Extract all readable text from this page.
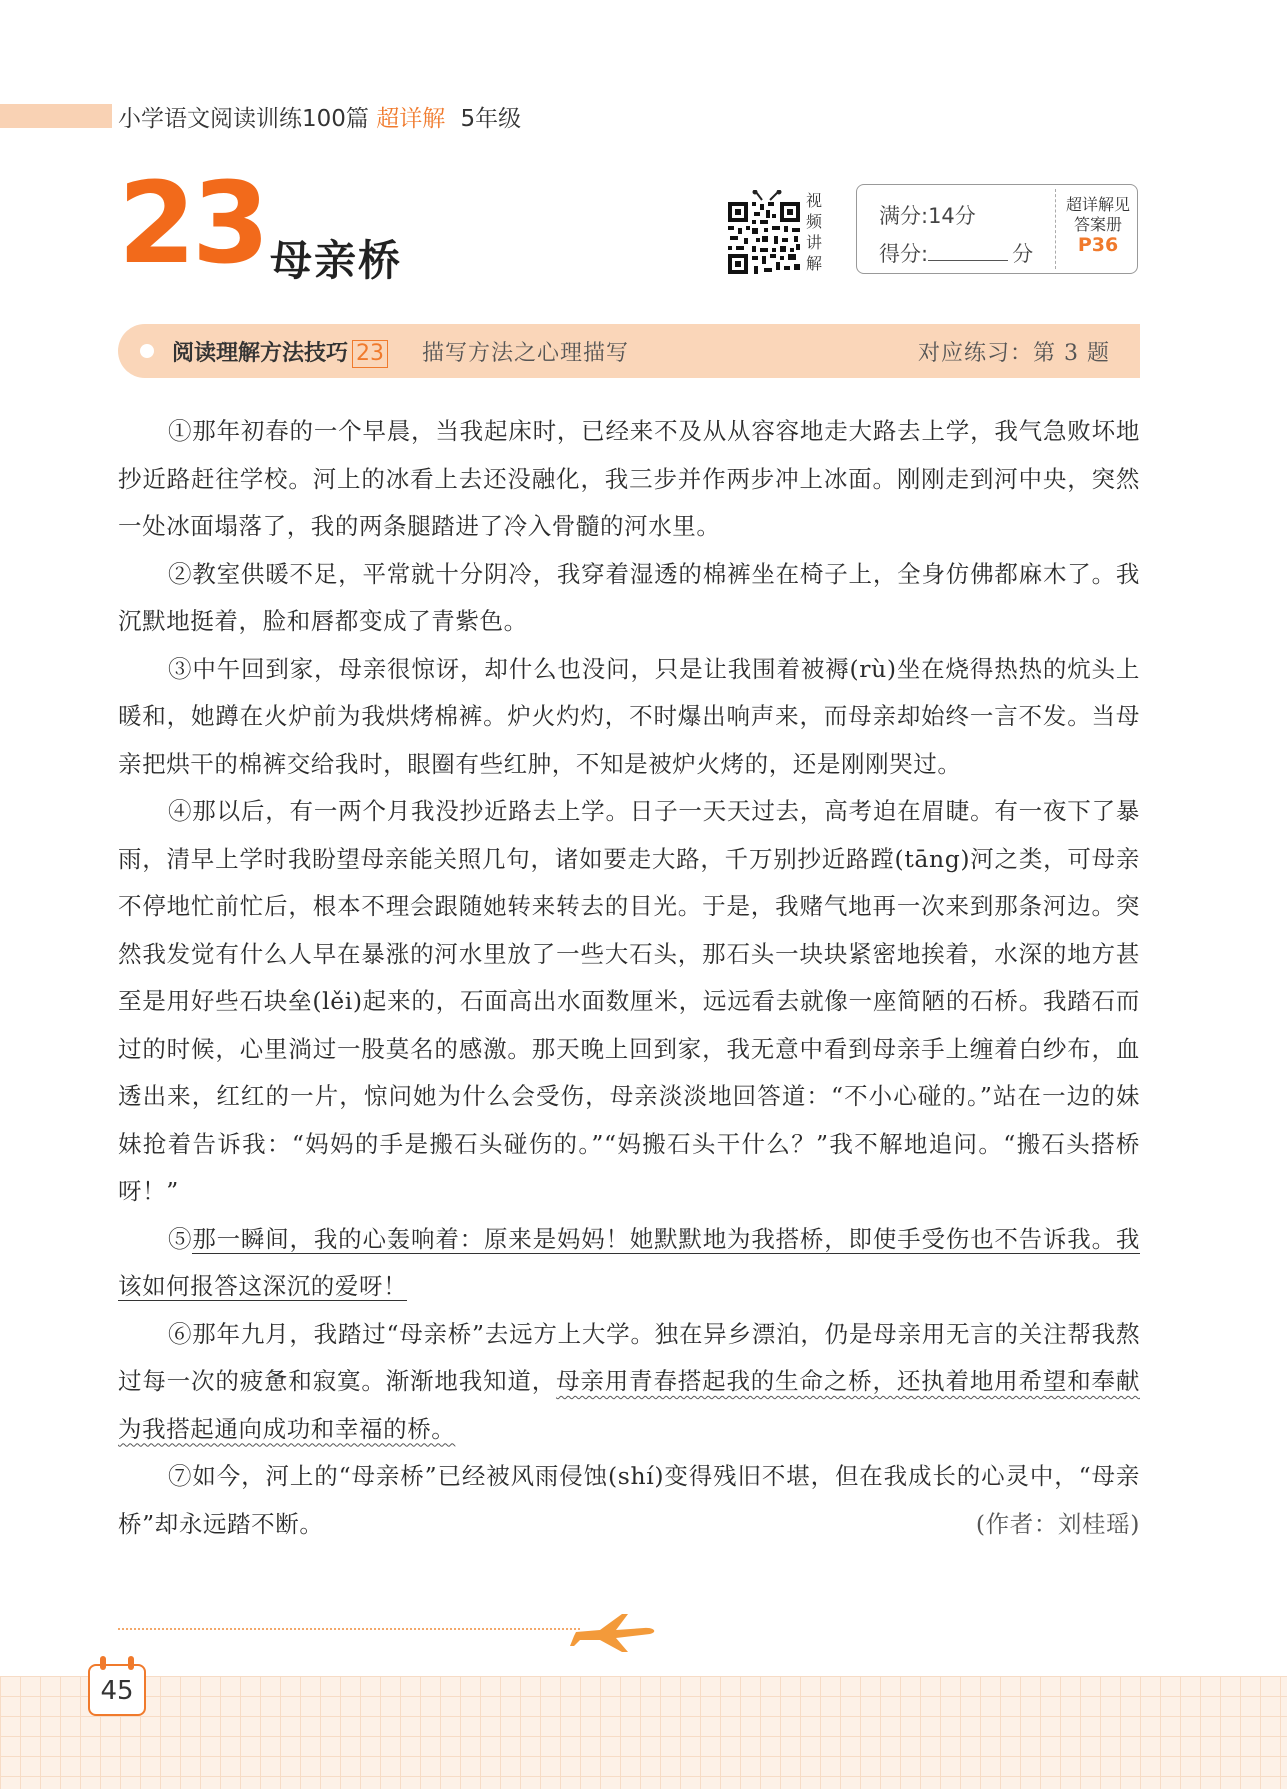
小学语文阅读训练100篇 超详解 5年级
23 母亲桥
视
频
讲
解
满分:14分
得分:	分
超详解见
答案册
P36
阅读理解方法技巧 23 描写方法之心理描写	对应练习：第 3 题

①那年初春的一个早晨，当我起床时，已经来不及从从容容地走大路去上学，我气急败坏地抄近路赶往学校。河上的冰看上去还没融化，我三步并作两步冲上冰面。刚刚走到河中央，突然一处冰面塌落了，我的两条腿踏进了冷入骨髓的河水里。

②教室供暖不足，平常就十分阴冷，我穿着湿透的棉裤坐在椅子上，全身仿佛都麻木了。我沉默地挺着，脸和唇都变成了青紫色。

③中午回到家，母亲很惊讶，却什么也没问，只是让我围着被褥(rù)坐在烧得热热的炕头上暖和，她蹲在火炉前为我烘烤棉裤。炉火灼灼，不时爆出响声来，而母亲却始终一言不发。当母亲把烘干的棉裤交给我时，眼圈有些红肿，不知是被炉火烤的，还是刚刚哭过。

④那以后，有一两个月我没抄近路去上学。日子一天天过去，高考迫在眉睫。有一夜下了暴雨，清早上学时我盼望母亲能关照几句，诸如要走大路，千万别抄近路蹚(tāng)河之类，可母亲不停地忙前忙后，根本不理会跟随她转来转去的目光。于是，我赌气地再一次来到那条河边。突然我发觉有什么人早在暴涨的河水里放了一些大石头，那石头一块块紧密地挨着，水深的地方甚至是用好些石块垒(lěi)起来的，石面高出水面数厘米，远远看去就像一座简陋的石桥。我踏石而过的时候，心里淌过一股莫名的感激。那天晚上回到家，我无意中看到母亲手上缠着白纱布，血透出来，红红的一片，惊问她为什么会受伤，母亲淡淡地回答道：“不小心碰的。”站在一边的妹妹抢着告诉我：“妈妈的手是搬石头碰伤的。”“妈搬石头干什么？”我不解地追问。“搬石头搭桥呀！”

⑤那一瞬间，我的心轰响着：原来是妈妈！她默默地为我搭桥，即使手受伤也不告诉我。我该如何报答这深沉的爱呀！

⑥那年九月，我踏过“母亲桥”去远方上大学。独在异乡漂泊，仍是母亲用无言的关注帮我熬过每一次的疲惫和寂寞。渐渐地我知道，母亲用青春搭起我的生命之桥，还执着地用希望和奉献为我搭起通向成功和幸福的桥。

⑦如今，河上的“母亲桥”已经被风雨侵蚀(shí)变得残旧不堪，但在我成长的心灵中，“母亲桥”却永远踏不断。	(作者：刘桂瑶)

45
